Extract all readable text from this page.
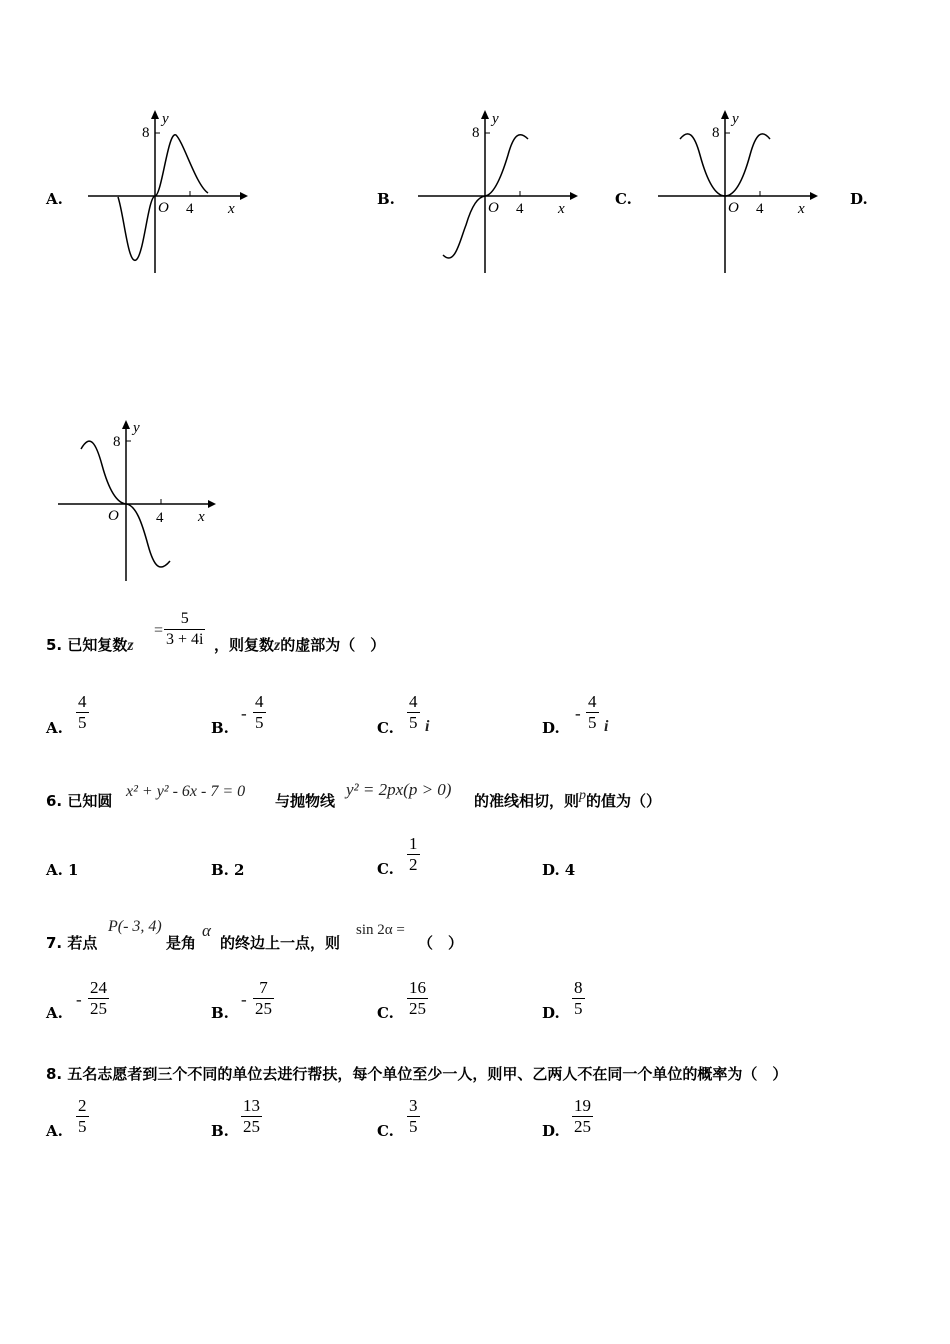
A.	B.	C.	D.
y
8
O 4 x
y
8
O 4 x
y
8
O 4 x
y
8
O 4 x
5. 已知复数z
= $\frac{5}{3 + 4i}$ ，则复数z的虚部为（　）
A.
4
5	B.
-
4
5	C.
4
5 i	D.
-
4
5 i
6. 已知圆
x² + y² - 6x - 7 = 0
与抛物线
y² = 2px(p > 0)
的准线相切，则p的值为（）
A. 1	B. 2	C.
1
2	D. 4
7. 若点
P(- 3, 4)
是角
α
的终边上一点，则
sin 2α =
（　）
A.
-
24
25	B.
-
7
25	C.
16
25	D.
8
5
8. 五名志愿者到三个不同的单位去进行帮扶，每个单位至少一人，则甲、乙两人不在同一个单位的概率为（　）
A.
2
5	B.
13
25	C.
3
5	D.
19
25
